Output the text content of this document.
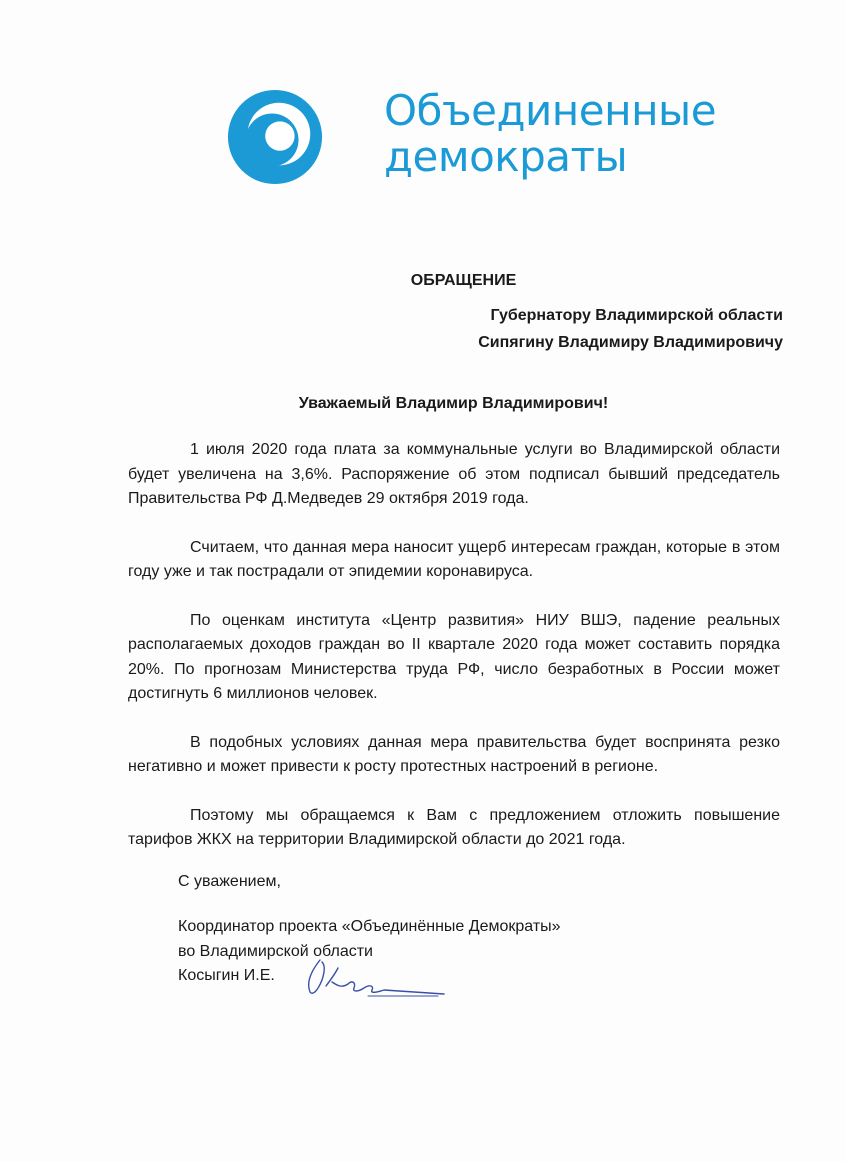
Объединенные
демократы
ОБРАЩЕНИЕ
Губернатору Владимирской области
Сипягину Владимиру Владимировичу
Уважаемый Владимир Владимирович!

1 июля 2020 года плата за коммунальные услуги во Владимирской области будет увеличена на 3,6%. Распоряжение об этом подписал бывший председатель Правительства РФ Д.Медведев 29 октября 2019 года.

Считаем, что данная мера наносит ущерб интересам граждан, которые в этом году уже и так пострадали от эпидемии коронавируса.

По оценкам института «Центр развития» НИУ ВШЭ, падение реальных располагаемых доходов граждан во II квартале 2020 года может составить порядка 20%. По прогнозам Министерства труда РФ, число безработных в России может достигнуть 6 миллионов человек.

В подобных условиях данная мера правительства будет воспринята резко негативно и может привести к росту протестных настроений в регионе.

Поэтому мы обращаемся к Вам с предложением отложить повышение тарифов ЖКХ на территории Владимирской области до 2021 года.

С уважением,
Координатор проекта «Объединённые Демократы»
во Владимирской области
Косыгин И.Е.
